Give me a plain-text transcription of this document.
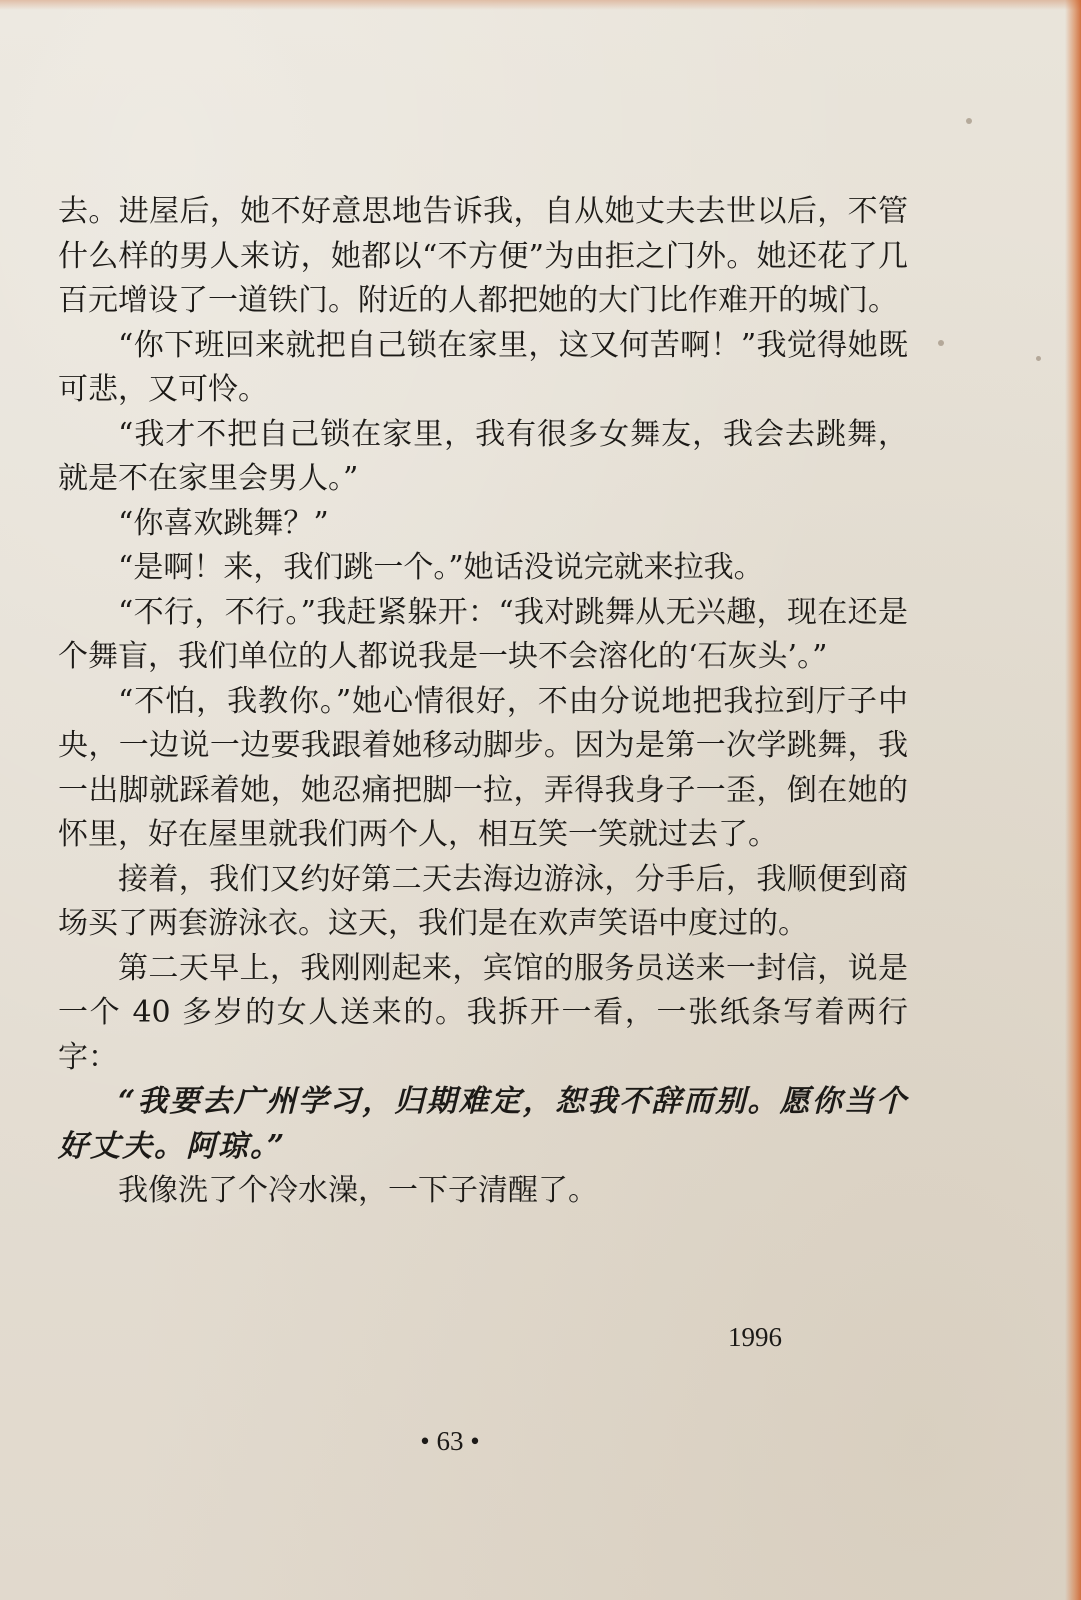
去。进屋后，她不好意思地告诉我，自从她丈夫去世以后，不管什么样的男人来访，她都以“不方便”为由拒之门外。她还花了几百元增设了一道铁门。附近的人都把她的大门比作难开的城门。

“你下班回来就把自己锁在家里，这又何苦啊！”我觉得她既可悲，又可怜。

“我才不把自己锁在家里，我有很多女舞友，我会去跳舞，就是不在家里会男人。”

“你喜欢跳舞？”

“是啊！来，我们跳一个。”她话没说完就来拉我。

“不行，不行。”我赶紧躲开：“我对跳舞从无兴趣，现在还是个舞盲，我们单位的人都说我是一块不会溶化的‘石灰头’。”

“不怕，我教你。”她心情很好，不由分说地把我拉到厅子中央，一边说一边要我跟着她移动脚步。因为是第一次学跳舞，我一出脚就踩着她，她忍痛把脚一拉，弄得我身子一歪，倒在她的怀里，好在屋里就我们两个人，相互笑一笑就过去了。

接着，我们又约好第二天去海边游泳，分手后，我顺便到商场买了两套游泳衣。这天，我们是在欢声笑语中度过的。

第二天早上，我刚刚起来，宾馆的服务员送来一封信，说是一个 40 多岁的女人送来的。我拆开一看，一张纸条写着两行字：

“我要去广州学习，归期难定，恕我不辞而别。愿你当个好丈夫。阿琼。”

我像洗了个冷水澡，一下子清醒了。

1996
• 63 •
